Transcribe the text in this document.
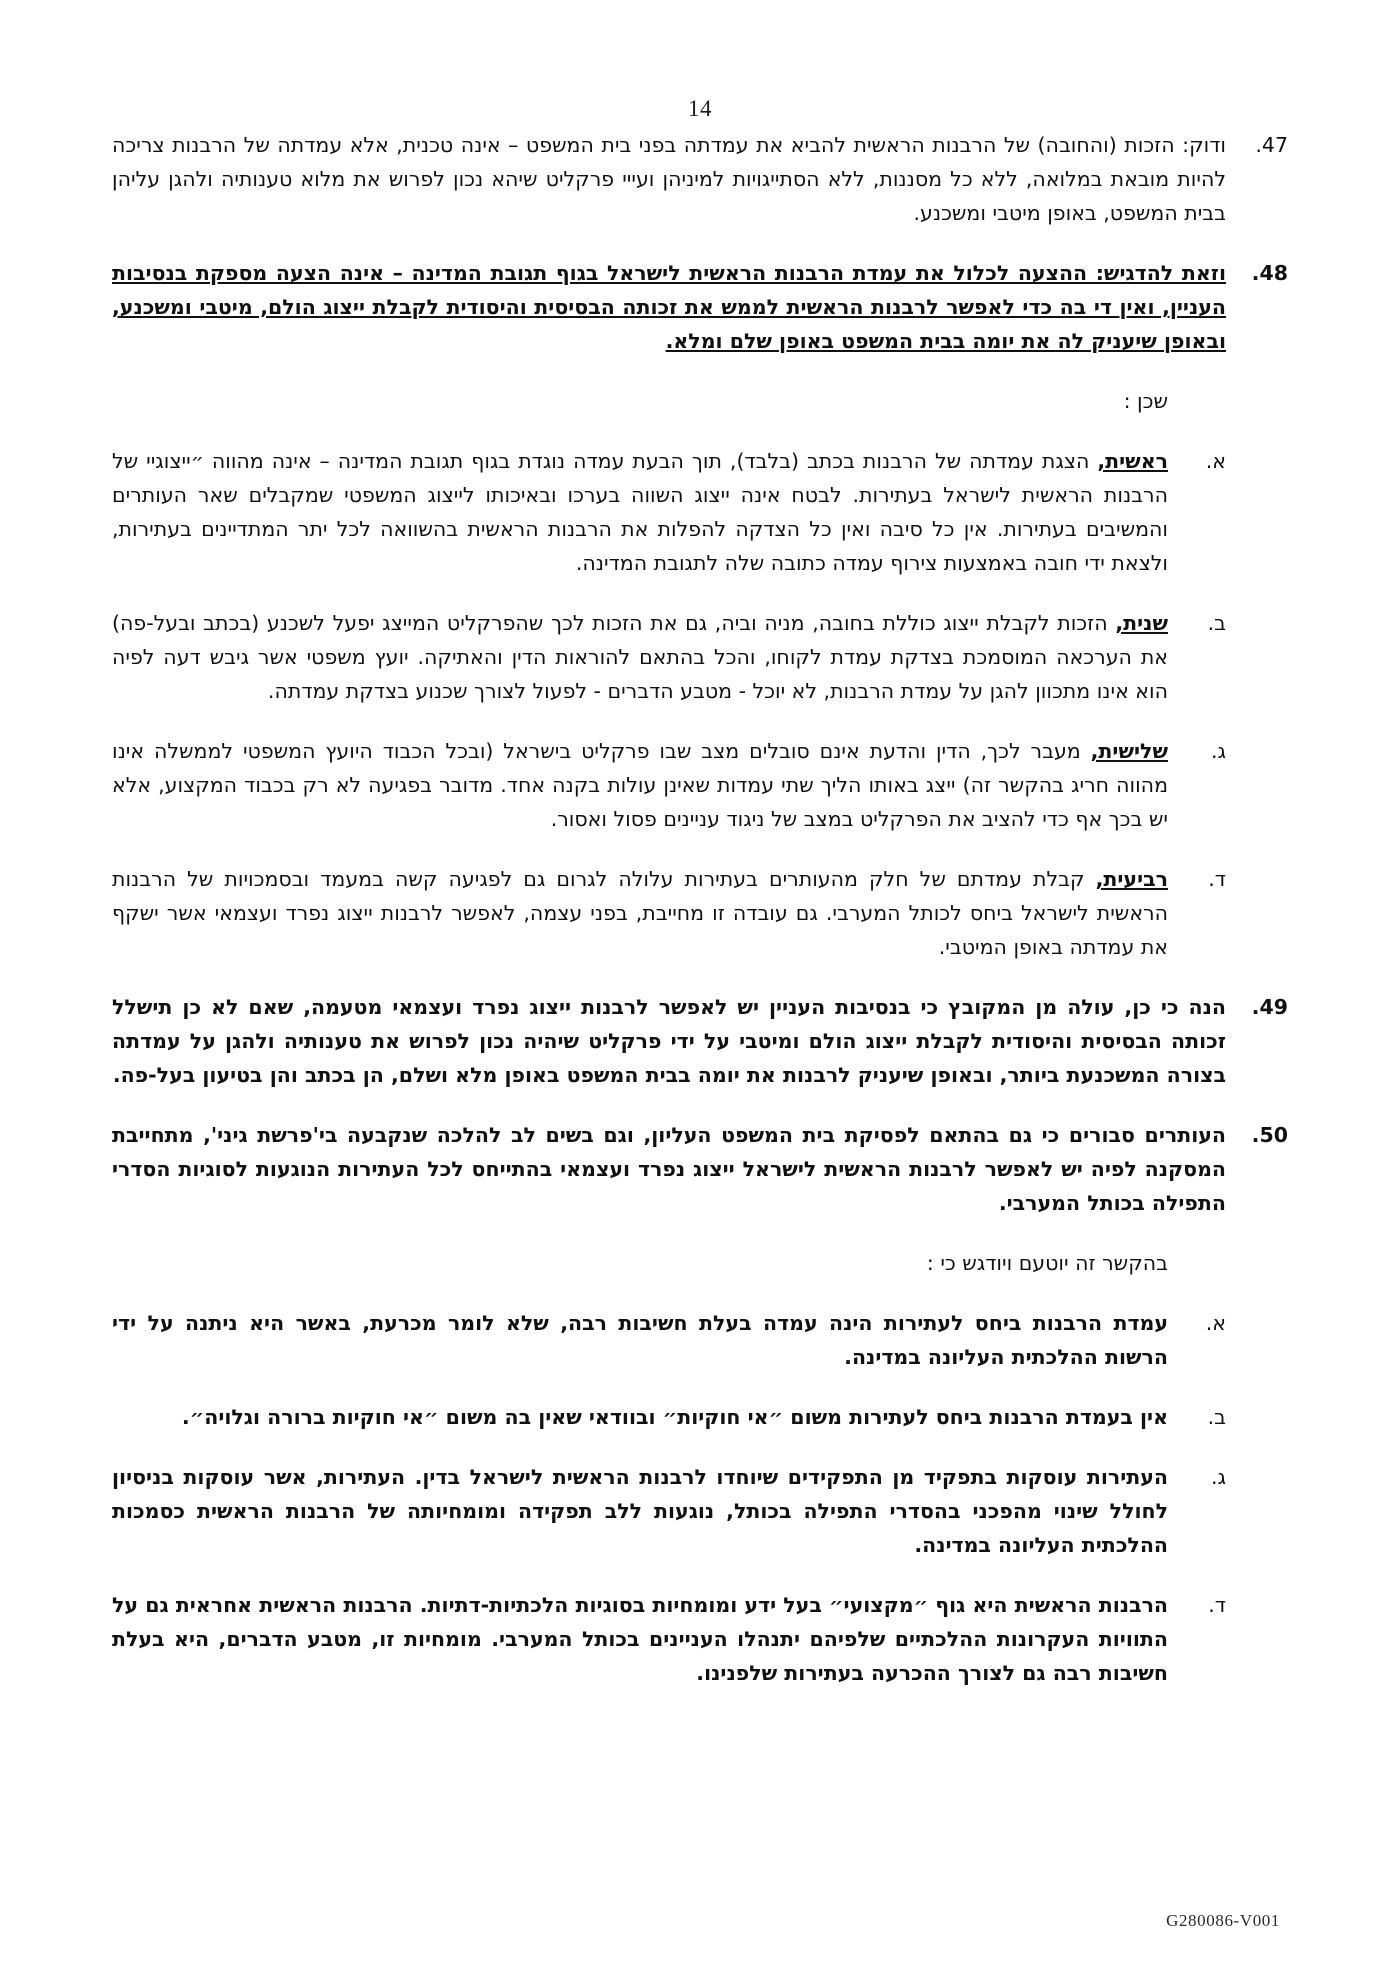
14
47.
ודוק: הזכות (והחובה) של הרבנות הראשית להביא את עמדתה בפני בית המשפט – אינה טכנית, אלא עמדתה של הרבנות צריכה להיות מובאת במלואה, ללא כל מסננות, ללא הסתייגויות למיניהן ועייי פרקליט שיהא נכון לפרוש את מלוא טענותיה ולהגן עליהן בבית המשפט, באופן מיטבי ומשכנע.
48.
וזאת להדגיש: ההצעה לכלול את עמדת הרבנות הראשית לישראל בגוף תגובת המדינה – אינה הצעה מספקת בנסיבות העניין, ואין די בה כדי לאפשר לרבנות הראשית לממש את זכותה הבסיסית והיסודית לקבלת ייצוג הולם, מיטבי ומשכנע, ובאופן שיעניק לה את יומה בבית המשפט באופן שלם ומלא.
שכן :
א.
ראשית, הצגת עמדתה של הרבנות בכתב (בלבד), תוך הבעת עמדה נוגדת בגוף תגובת המדינה – אינה מהווה ״ייצוגיי של הרבנות הראשית לישראל בעתירות. לבטח אינה ייצוג השווה בערכו ובאיכותו לייצוג המשפטי שמקבלים שאר העותרים והמשיבים בעתירות. אין כל סיבה ואין כל הצדקה להפלות את הרבנות הראשית בהשוואה לכל יתר המתדיינים בעתירות, ולצאת ידי חובה באמצעות צירוף עמדה כתובה שלה לתגובת המדינה.
ב.
שנית, הזכות לקבלת ייצוג כוללת בחובה, מניה וביה, גם את הזכות לכך שהפרקליט המייצג יפעל לשכנע (בכתב ובעל-פה) את הערכאה המוסמכת בצדקת עמדת לקוחו, והכל בהתאם להוראות הדין והאתיקה. יועץ משפטי אשר גיבש דעה לפיה הוא אינו מתכוון להגן על עמדת הרבנות, לא יוכל - מטבע הדברים - לפעול לצורך שכנוע בצדקת עמדתה.
ג.
שלישית, מעבר לכך, הדין והדעת אינם סובלים מצב שבו פרקליט בישראל (ובכל הכבוד היועץ המשפטי לממשלה אינו מהווה חריג בהקשר זה) ייצג באותו הליך שתי עמדות שאינן עולות בקנה אחד. מדובר בפגיעה לא רק בכבוד המקצוע, אלא יש בכך אף כדי להציב את הפרקליט במצב של ניגוד עניינים פסול ואסור.
ד.
רביעית, קבלת עמדתם של חלק מהעותרים בעתירות עלולה לגרום גם לפגיעה קשה במעמד ובסמכויות של הרבנות הראשית לישראל ביחס לכותל המערבי. גם עובדה זו מחייבת, בפני עצמה, לאפשר לרבנות ייצוג נפרד ועצמאי אשר ישקף את עמדתה באופן המיטבי.
49.
הנה כי כן, עולה מן המקובץ כי בנסיבות העניין יש לאפשר לרבנות ייצוג נפרד ועצמאי מטעמה, שאם לא כן תישלל זכותה הבסיסית והיסודית לקבלת ייצוג הולם ומיטבי על ידי פרקליט שיהיה נכון לפרוש את טענותיה ולהגן על עמדתה בצורה המשכנעת ביותר, ובאופן שיעניק לרבנות את יומה בבית המשפט באופן מלא ושלם, הן בכתב והן בטיעון בעל-פה.
50.
העותרים סבורים כי גם בהתאם לפסיקת בית המשפט העליון, וגם בשים לב להלכה שנקבעה בי'פרשת גיני', מתחייבת המסקנה לפיה יש לאפשר לרבנות הראשית לישראל ייצוג נפרד ועצמאי בהתייחס לכל העתירות הנוגעות לסוגיות הסדרי התפילה בכותל המערבי.
בהקשר זה יוטעם ויודגש כי :
א.
עמדת הרבנות ביחס לעתירות הינה עמדה בעלת חשיבות רבה, שלא לומר מכרעת, באשר היא ניתנה על ידי הרשות ההלכתית העליונה במדינה.
ב.
אין בעמדת הרבנות ביחס לעתירות משום ״אי חוקיות״ ובוודאי שאין בה משום ״אי חוקיות ברורה וגלויה״.
ג.
העתירות עוסקות בתפקיד מן התפקידים שיוחדו לרבנות הראשית לישראל בדין. העתירות, אשר עוסקות בניסיון לחולל שינוי מהפכני בהסדרי התפילה בכותל, נוגעות ללב תפקידה ומומחיותה של הרבנות הראשית כסמכות ההלכתית העליונה במדינה.
ד.
הרבנות הראשית היא גוף ״מקצועי״ בעל ידע ומומחיות בסוגיות הלכתיות-דתיות. הרבנות הראשית אחראית גם על התוויות העקרונות ההלכתיים שלפיהם יתנהלו העניינים בכותל המערבי. מומחיות זו, מטבע הדברים, היא בעלת חשיבות רבה גם לצורך ההכרעה בעתירות שלפנינו.
G280086-V001
